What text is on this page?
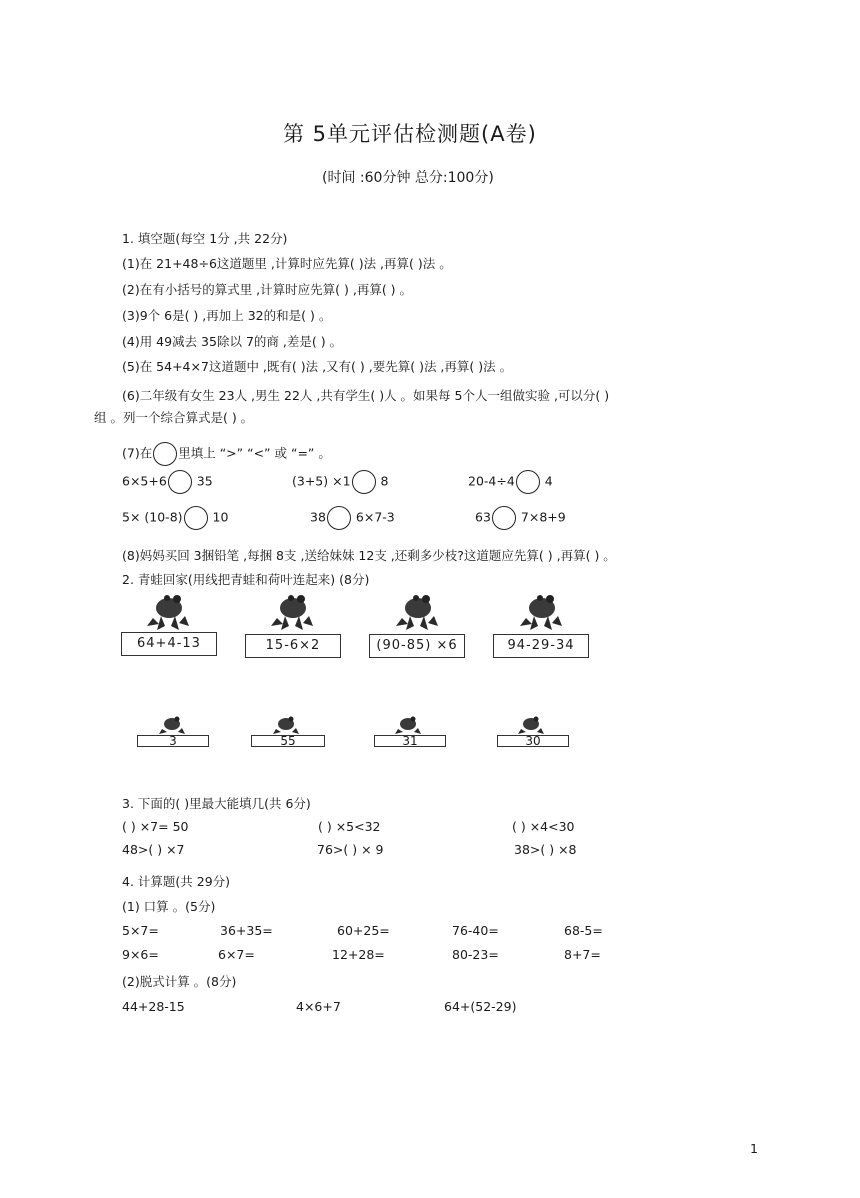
第 5单元评估检测题(A卷)
(时间 :60分钟 总分:100分)
1. 填空题(每空 1分 ,共 22分)
(1)在 21+48÷6这道题里 ,计算时应先算( )法 ,再算( )法 。
(2)在有小括号的算式里 ,计算时应先算( ) ,再算( ) 。
(3)9个 6是( ) ,再加上 32的和是( ) 。
(4)用 49减去 35除以 7的商 ,差是( ) 。
(5)在 54+4×7这道题中 ,既有( )法 ,又有( ) ,要先算( )法 ,再算( )法 。
(6)二年级有女生 23人 ,男生 22人 ,共有学生( )人 。如果每 5个人一组做实验 ,可以分( )
组 。列一个综合算式是( ) 。
(7)在 里填上 “>” “<” 或 “=” 。
6×5+6 35	(3+5) ×1 8	20-4÷4 4
5× (10-8) 10	38 6×7-3	63 7×8+9
(8)妈妈买回 3捆铅笔 ,每捆 8支 ,送给妹妹 12支 ,还剩多少枝?这道题应先算( ) ,再算( ) 。
2. 青蛙回家(用线把青蛙和荷叶连起来) (8分)
64+4-13	15-6×2	(90-85) ×6	94-29-34
3	55	31	30
3. 下面的( )里最大能填几(共 6分)
( ) ×7= 50	( ) ×5<32	( ) ×4<30
48>( ) ×7	76>( ) × 9	38>( ) ×8
4. 计算题(共 29分)
(1) 口算 。(5分)
5×7=	36+35=	60+25=	76-40=	68-5=
9×6=	6×7=	12+28=	80-23=	8+7=
(2)脱式计算 。(8分)
44+28-15	4×6+7	64+(52-29)
1
